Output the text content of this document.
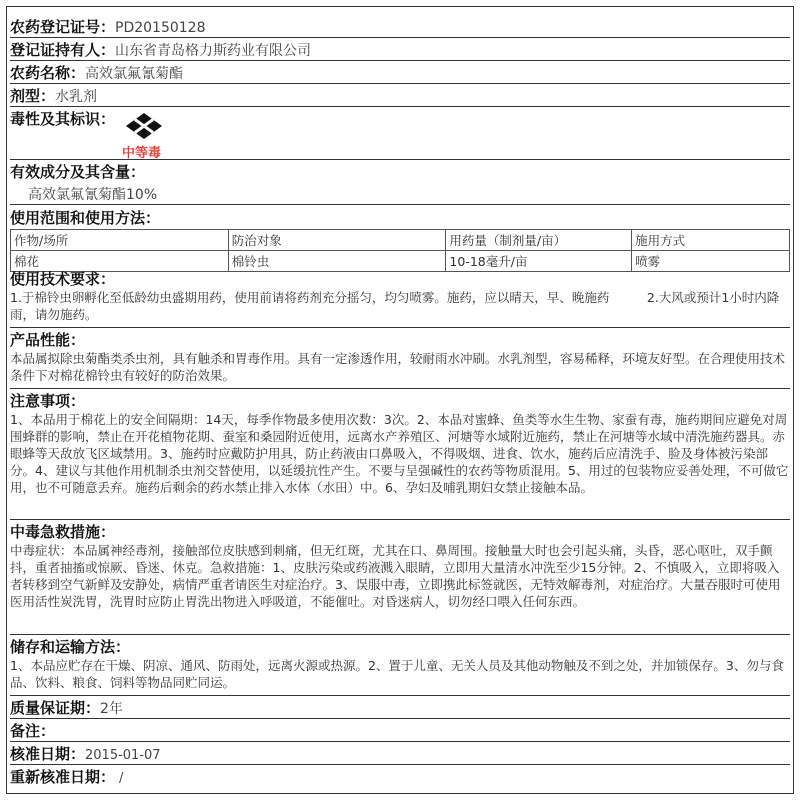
农药登记证号：PD20150128
登记证持有人：山东省青岛格力斯药业有限公司
农药名称：高效氯氟氰菊酯
剂型：水乳剂
毒性及其标识：
中等毒
有效成分及其含量：
高效氯氟氰菊酯10%
使用范围和使用方法：
作物/场所	防治对象	用药量（制剂量/亩）	施用方式
棉花	棉铃虫	10-18毫升/亩	喷雾
使用技术要求：
1.于棉铃虫卵孵化至低龄幼虫盛期用药，使用前请将药剂充分摇匀，均匀喷雾。施药，应以晴天，早、晚施药　　　2.大风或预计1小时内降雨，请勿施药。
产品性能：
本品属拟除虫菊酯类杀虫剂，具有触杀和胃毒作用。具有一定渗透作用，较耐雨水冲刷。水乳剂型，容易稀释，环境友好型。在合理使用技术条件下对棉花棉铃虫有较好的防治效果。
注意事项：
1、本品用于棉花上的安全间隔期：14天，每季作物最多使用次数：3次。2、本品对蜜蜂、鱼类等水生生物、家蚕有毒，施药期间应避免对周围蜂群的影响，禁止在开花植物花期、蚕室和桑园附近使用，远离水产养殖区、河塘等水域附近施药，禁止在河塘等水域中清洗施药器具。赤眼蜂等天敌放飞区域禁用。3、施药时应戴防护用具，防止药液由口鼻吸入，不得吸烟、进食、饮水，施药后应清洗手、脸及身体被污染部分。4、建议与其他作用机制杀虫剂交替使用，以延缓抗性产生。不要与呈强碱性的农药等物质混用。5、用过的包装物应妥善处理，不可做它用，也不可随意丢弃。施药后剩余的药水禁止排入水体（水田）中。6、孕妇及哺乳期妇女禁止接触本品。
中毒急救措施：
中毒症状：本品属神经毒剂，接触部位皮肤感到刺痛，但无红斑，尤其在口、鼻周围。接触量大时也会引起头痛，头昏，恶心呕吐，双手颤抖，重者抽搐或惊厥、昏迷、休克。急救措施：1、皮肤污染或药液溅入眼睛，立即用大量清水冲洗至少15分钟。2、不慎吸入，立即将吸入者转移到空气新鲜及安静处，病情严重者请医生对症治疗。3、误服中毒，立即携此标签就医，无特效解毒剂，对症治疗。大量吞服时可使用医用活性炭洗胃，洗胃时应防止胃洗出物进入呼吸道，不能催吐。对昏迷病人，切勿经口喂入任何东西。
储存和运输方法：
1、本品应贮存在干燥、阴凉、通风、防雨处，远离火源或热源。2、置于儿童、无关人员及其他动物触及不到之处，并加锁保存。3、勿与食品、饮料、粮食、饲料等物品同贮同运。
质量保证期：2年
备注：
核准日期：2015-01-07
重新核准日期： /
